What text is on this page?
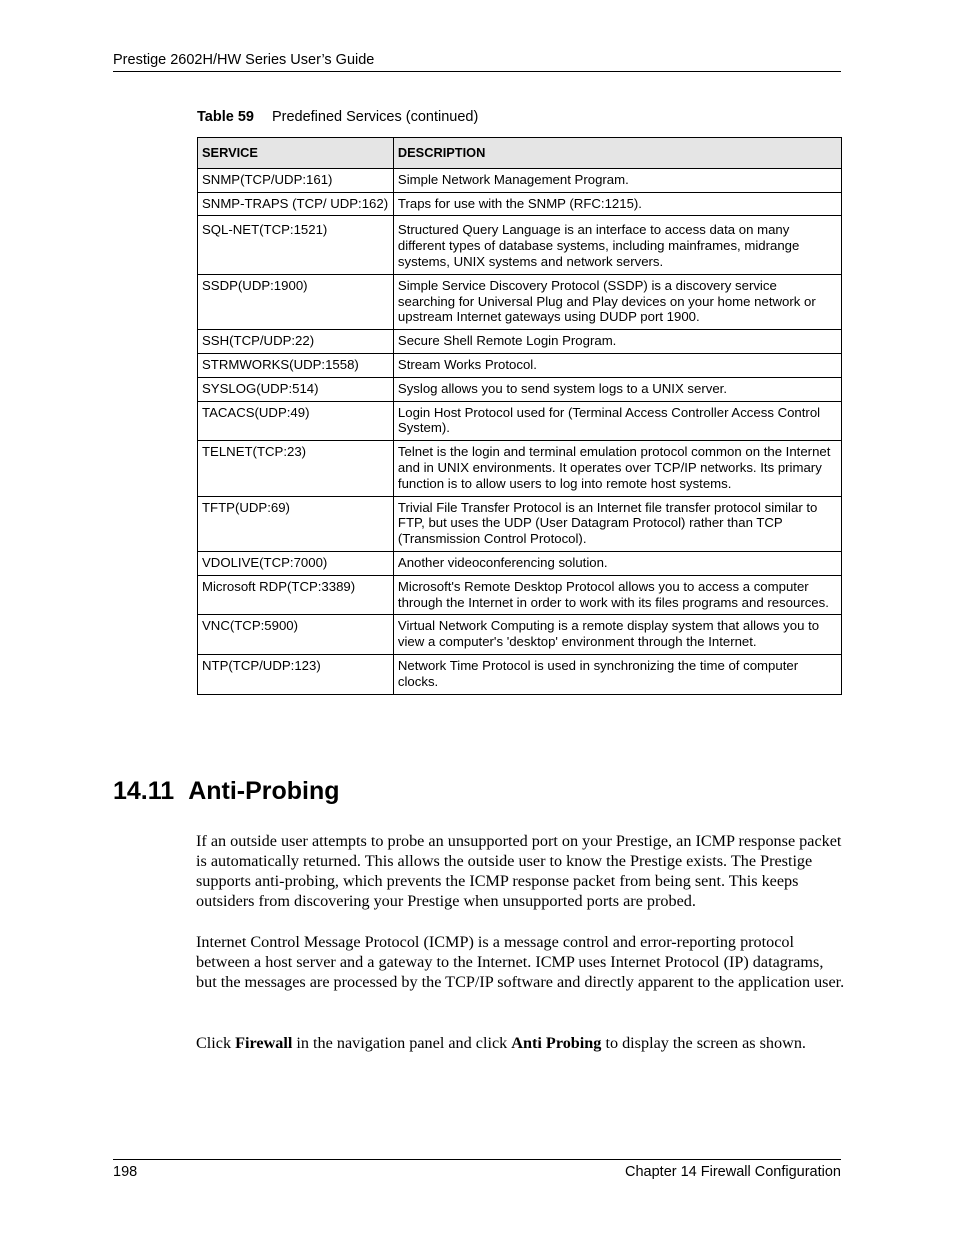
Prestige 2602H/HW Series User’s Guide
Table 59 Predefined Services (continued)
SERVICE	DESCRIPTION
SNMP(TCP/UDP:161)	Simple Network Management Program.
SNMP-TRAPS (TCP/ UDP:162)	Traps for use with the SNMP (RFC:1215).
SQL-NET(TCP:1521)	Structured Query Language is an interface to access data on many different types of database systems, including mainframes, midrange systems, UNIX systems and network servers.
SSDP(UDP:1900)	Simple Service Discovery Protocol (SSDP) is a discovery service searching for Universal Plug and Play devices on your home network or upstream Internet gateways using DUDP port 1900.
SSH(TCP/UDP:22)	Secure Shell Remote Login Program.
STRMWORKS(UDP:1558)	Stream Works Protocol.
SYSLOG(UDP:514)	Syslog allows you to send system logs to a UNIX server.
TACACS(UDP:49)	Login Host Protocol used for (Terminal Access Controller Access Control System).
TELNET(TCP:23)	Telnet is the login and terminal emulation protocol common on the Internet and in UNIX environments. It operates over TCP/IP networks. Its primary function is to allow users to log into remote host systems.
TFTP(UDP:69)	Trivial File Transfer Protocol is an Internet file transfer protocol similar to FTP, but uses the UDP (User Datagram Protocol) rather than TCP (Transmission Control Protocol).
VDOLIVE(TCP:7000)	Another videoconferencing solution.
Microsoft RDP(TCP:3389)	Microsoft's Remote Desktop Protocol allows you to access a computer through the Internet in order to work with its files programs and resources.
VNC(TCP:5900)	Virtual Network Computing is a remote display system that allows you to view a computer's 'desktop' environment through the Internet.
NTP(TCP/UDP:123)	Network Time Protocol is used in synchronizing the time of computer clocks.
14.11 Anti-Probing

If an outside user attempts to probe an unsupported port on your Prestige, an ICMP response packet is automatically returned. This allows the outside user to know the Prestige exists. The Prestige supports anti-probing, which prevents the ICMP response packet from being sent. This keeps outsiders from discovering your Prestige when unsupported ports are probed.

Internet Control Message Protocol (ICMP) is a message control and error-reporting protocol between a host server and a gateway to the Internet. ICMP uses Internet Protocol (IP) datagrams, but the messages are processed by the TCP/IP software and directly apparent to the application user.

Click Firewall in the navigation panel and click Anti Probing to display the screen as shown.

198	Chapter 14 Firewall Configuration
